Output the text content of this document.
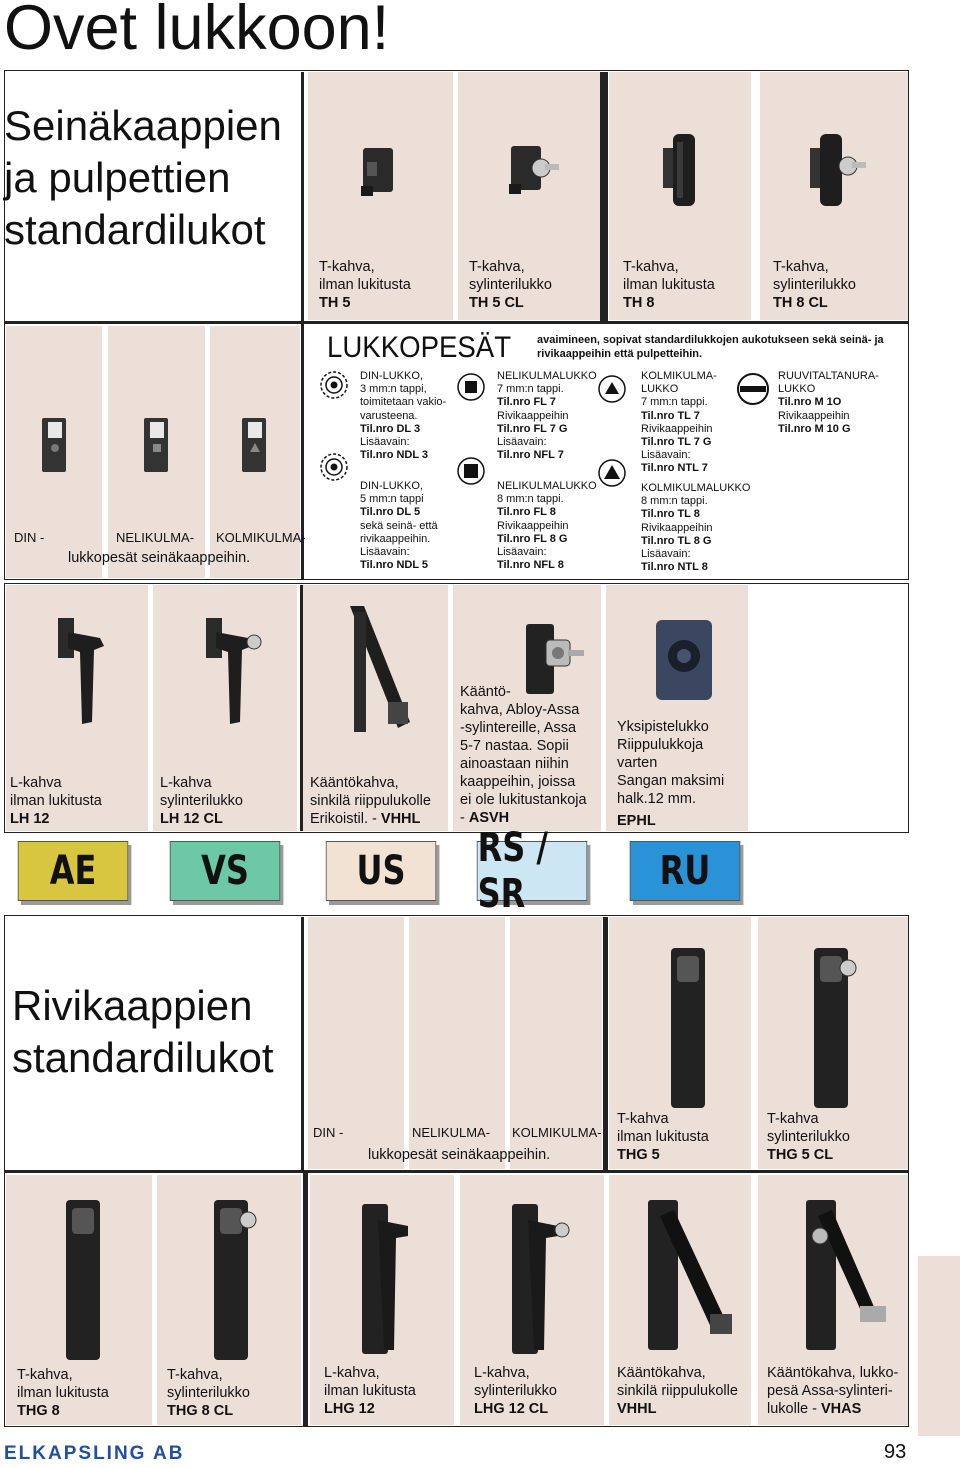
Ovet lukkoon!
Seinäkaappien
ja pulpettien
standardilukot
T-kahva,
ilman lukitusta

TH 5
T-kahva,
sylinterilukko

TH 5 CL
T-kahva,
ilman lukitusta

TH 8
T-kahva,
sylinterilukko

TH 8 CL
DIN -	NELIKULMA- KOLMIKULMA-
lukkopesät seinäkaappeihin.
LUKKOPESÄT avaimineen, sopivat standardilukkojen aukotukseen sekä seinä- ja
rivikaappeihin että pulpetteihin.
DIN-LUKKO,
3 mm:n tappi,
toimitetaan vakio-
varusteena.
Til.nro DL 3
Lisäavain:
Til.nro NDL 3
DIN-LUKKO,
5 mm:n tappi
Til.nro DL 5
sekä seinä- että
rivikaappeihin.
Lisäavain:
Til.nro NDL 5
NELIKULMALUKKO
7 mm:n tappi.
Til.nro FL 7
Rivikaappeihin
Til.nro FL 7 G
Lisäavain:
Til.nro NFL 7
NELIKULMALUKKO
8 mm:n tappi.
Til.nro FL 8
Rivikaappeihin
Til.nro FL 8 G
Lisäavain:
Til.nro NFL 8
KOLMIKULMA-
LUKKO
7 mm:n tappi.
Til.nro TL 7
Rivikaappeihin
Til.nro TL 7 G
Lisäavain:
Til.nro NTL 7
KOLMIKULMALUKKO
8 mm:n tappi.
Til.nro TL 8
Rivikaappeihin
Til.nro TL 8 G
Lisäavain:
Til.nro NTL 8
RUUVITALTANURA-
LUKKO
Til.nro M 1O
Rivikaappeihin
Til.nro M 10 G
L-kahva
ilman lukitusta

LH 12
L-kahva
sylinterilukko

LH 12 CL
Kääntökahva,
sinkilä riippulukolle
Erikoistil. - VHHL
Kääntö-
kahva, Abloy-Assa
-sylintereille, Assa
5-7 nastaa. Sopii
ainoastaan niihin
kaappeihin, joissa
ei ole lukitustankoja
- ASVH
Yksipistelukko
Riippulukkoja
varten
Sangan maksimi
halk.12 mm.

EPHL
AE	VS	US RS / SR	RU
Rivikaappien
standardilukot
DIN -	NELIKULMA- KOLMIKULMA-
lukkopesät seinäkaappeihin.
T-kahva
ilman lukitusta

THG 5
T-kahva
sylinterilukko

THG 5 CL
T-kahva,
ilman lukitusta

THG 8
T-kahva,
sylinterilukko

THG 8 CL
L-kahva,
ilman lukitusta

LHG 12
L-kahva,
sylinterilukko

LHG 12 CL
Kääntökahva,
sinkilä riippulukolle

VHHL
Kääntökahva, lukko-
pesä Assa-sylinteri-
lukolle - VHAS
ELKAPSLING AB	93
